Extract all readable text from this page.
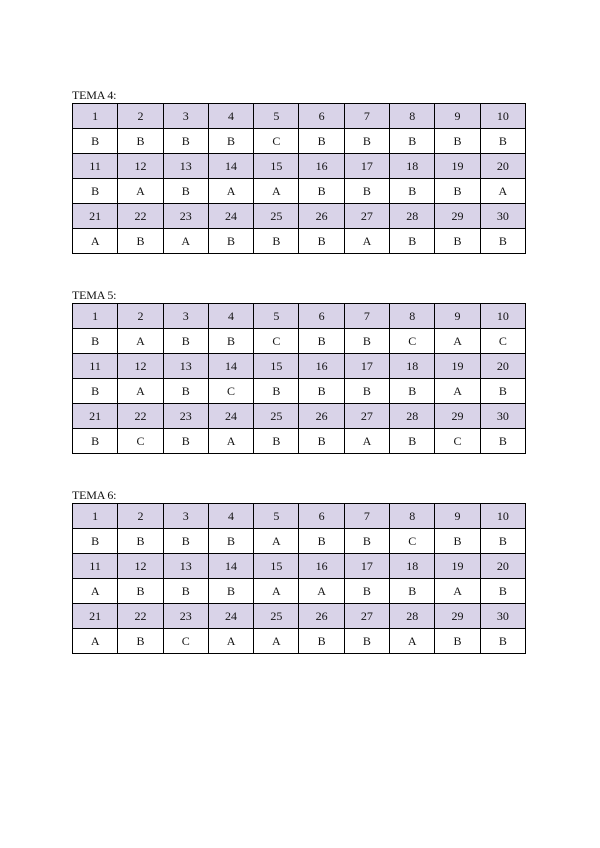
TEMA 4:
1	2	3	4	5	6	7	8	9	10
B	B	B	B	C	B	B	B	B	B
11	12	13	14	15	16	17	18	19	20
B	A	B	A	A	B	B	B	B	A
21	22	23	24	25	26	27	28	29	30
A	B	A	B	B	B	A	B	B	B
TEMA 5:
1	2	3	4	5	6	7	8	9	10
B	A	B	B	C	B	B	C	A	C
11	12	13	14	15	16	17	18	19	20
B	A	B	C	B	B	B	B	A	B
21	22	23	24	25	26	27	28	29	30
B	C	B	A	B	B	A	B	C	B
TEMA 6:
1	2	3	4	5	6	7	8	9	10
B	B	B	B	A	B	B	C	B	B
11	12	13	14	15	16	17	18	19	20
A	B	B	B	A	A	B	B	A	B
21	22	23	24	25	26	27	28	29	30
A	B	C	A	A	B	B	A	B	B
